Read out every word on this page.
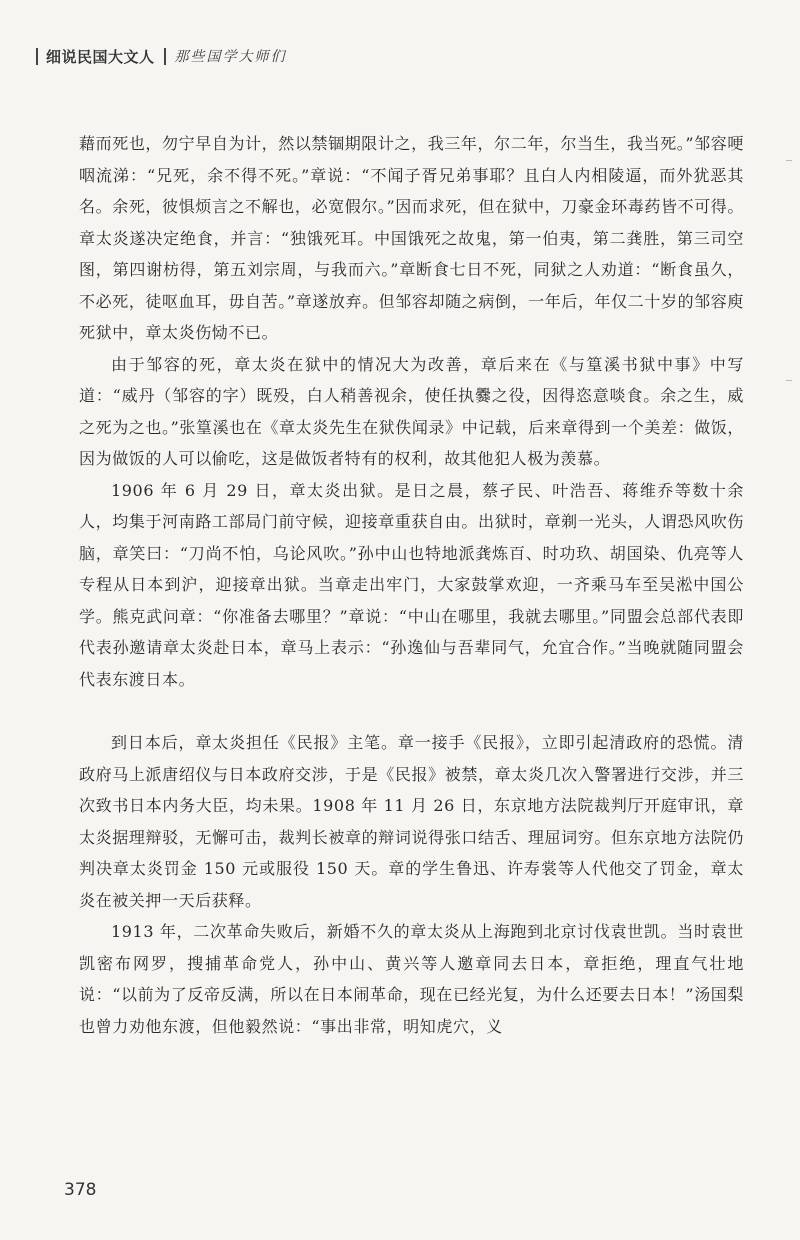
细说民国大文人 那些国学大师们

藉而死也，勿宁早自为计，然以禁锢期限计之，我三年，尔二年，尔当生，我当死。”邹容哽咽流涕：“兄死，余不得不死。”章说：“不闻子胥兄弟事耶？且白人内相陵逼，而外犹恶其名。余死，彼惧烦言之不解也，必宽假尔。”因而求死，但在狱中，刀豪金环毒药皆不可得。章太炎遂决定绝食，并言：“独饿死耳。中国饿死之故鬼，第一伯夷，第二龚胜，第三司空图，第四谢枋得，第五刘宗周，与我而六。”章断食七日不死，同狱之人劝道：“断食虽久，不必死，徒呕血耳，毋自苦。”章遂放弃。但邹容却随之病倒，一年后，年仅二十岁的邹容庾死狱中，章太炎伤恸不已。

由于邹容的死，章太炎在狱中的情况大为改善，章后来在《与篁溪书狱中事》中写道：“威丹（邹容的字）既殁，白人稍善视余，使任执爨之役，因得恣意啖食。余之生，威之死为之也。”张篁溪也在《章太炎先生在狱佚闻录》中记载，后来章得到一个美差：做饭，因为做饭的人可以偷吃，这是做饭者特有的权利，故其他犯人极为羡慕。

1906 年 6 月 29 日，章太炎出狱。是日之晨，蔡孑民、叶浩吾、蒋维乔等数十余人，均集于河南路工部局门前守候，迎接章重获自由。出狱时，章剃一光头，人谓恐风吹伤脑，章笑曰：“刀尚不怕，乌论风吹。”孙中山也特地派龚炼百、时功玖、胡国染、仇亮等人专程从日本到沪，迎接章出狱。当章走出牢门，大家鼓掌欢迎，一齐乘马车至吴淞中国公学。熊克武问章：“你准备去哪里？”章说：“中山在哪里，我就去哪里。”同盟会总部代表即代表孙邀请章太炎赴日本，章马上表示：“孙逸仙与吾辈同气，允宜合作。”当晚就随同盟会代表东渡日本。

到日本后，章太炎担任《民报》主笔。章一接手《民报》，立即引起清政府的恐慌。清政府马上派唐绍仪与日本政府交涉，于是《民报》被禁，章太炎几次入警署进行交涉，并三次致书日本内务大臣，均未果。1908 年 11 月 26 日，东京地方法院裁判厅开庭审讯，章太炎据理辩驳，无懈可击，裁判长被章的辩词说得张口结舌、理屈词穷。但东京地方法院仍判决章太炎罚金 150 元或服役 150 天。章的学生鲁迅、许寿裳等人代他交了罚金，章太炎在被关押一天后获释。

1913 年，二次革命失败后，新婚不久的章太炎从上海跑到北京讨伐袁世凯。当时袁世凯密布网罗，搜捕革命党人，孙中山、黄兴等人邀章同去日本，章拒绝，理直气壮地说：“以前为了反帝反满，所以在日本闹革命，现在已经光复，为什么还要去日本！”汤国梨也曾力劝他东渡，但他毅然说：“事出非常，明知虎穴，义

378
